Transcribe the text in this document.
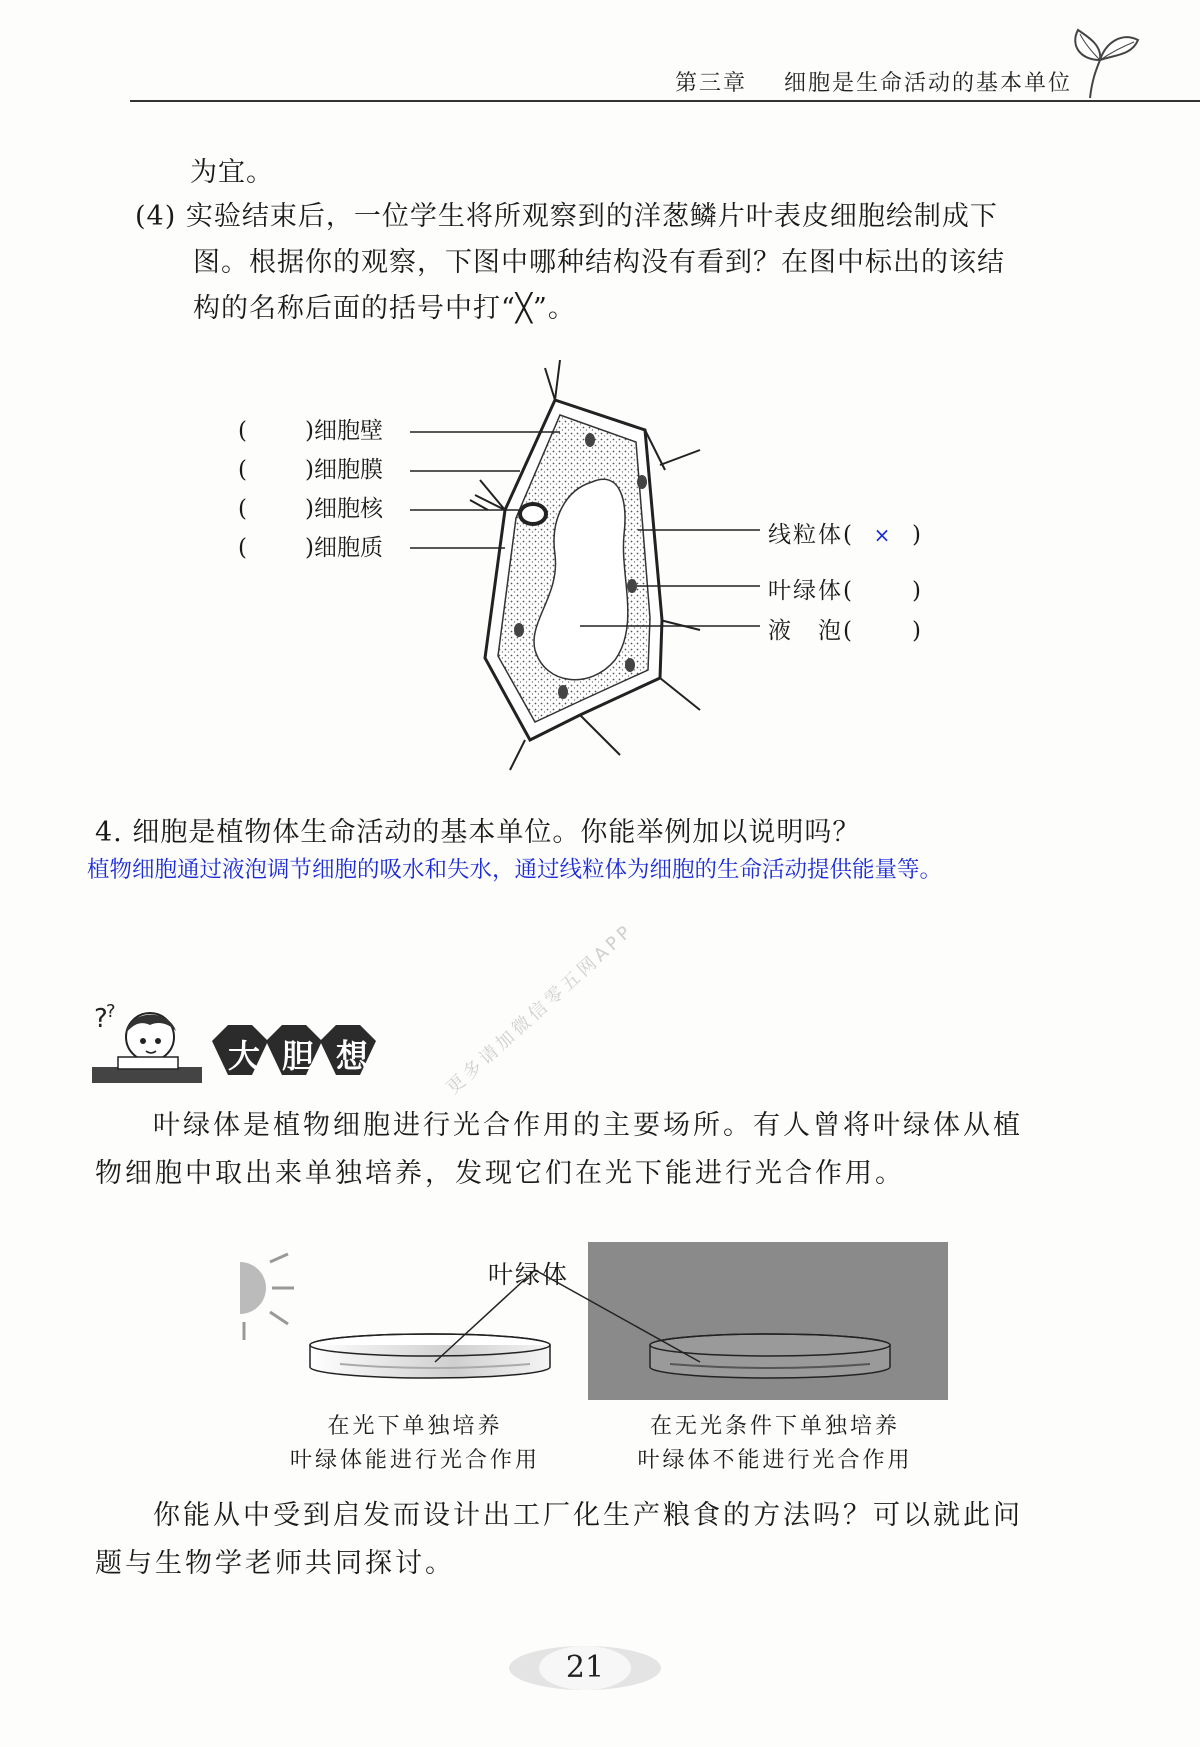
第三章 细胞是生命活动的基本单位
为宜。
(4) 实验结束后，一位学生将所观察到的洋葱鳞片叶表皮细胞绘制成下
图。根据你的观察，下图中哪种结构没有看到？在图中标出的该结
构的名称后面的括号中打“╳”。
(	)细胞壁
(	)细胞膜
(	)细胞核
(	)细胞质	线粒体( × )
叶绿体(	)
液　泡(	)
4. 细胞是植物体生命活动的基本单位。你能举例加以说明吗？
植物细胞通过液泡调节细胞的吸水和失水，通过线粒体为细胞的生命活动提供能量等。
?
?
大 胆 想
叶绿体是植物细胞进行光合作用的主要场所。有人曾将叶绿体从植
物细胞中取出来单独培养，发现它们在光下能进行光合作用。
叶绿体
在光下单独培养
叶绿体能进行光合作用
在无光条件下单独培养
叶绿体不能进行光合作用
你能从中受到启发而设计出工厂化生产粮食的方法吗？可以就此问
题与生物学老师共同探讨。
更多请加微信零五网APP
21
